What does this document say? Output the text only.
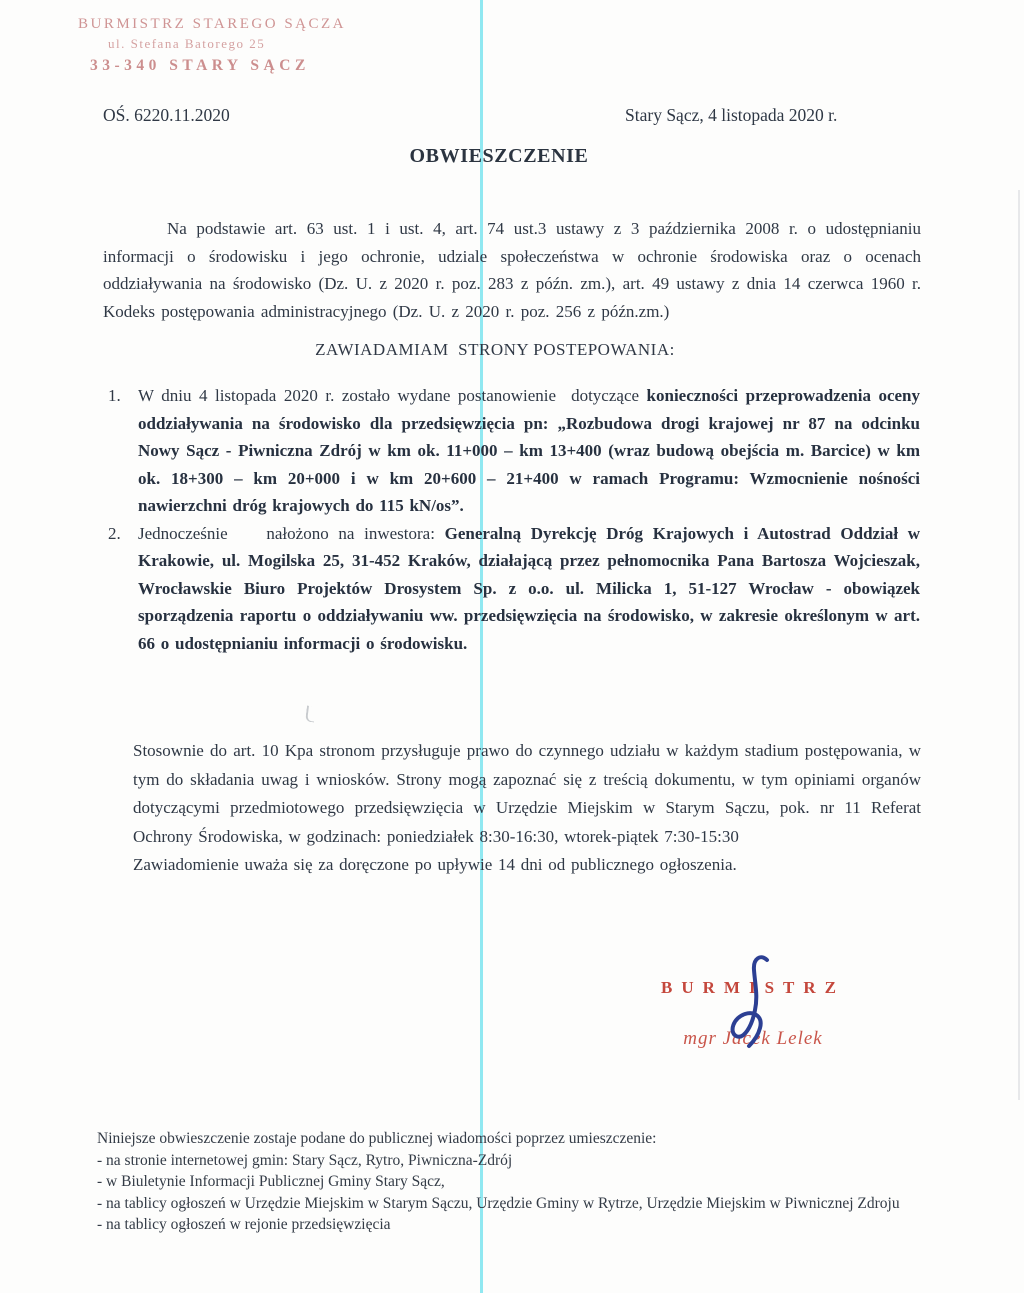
BURMISTRZ STAREGO SĄCZA
ul. Stefana Batorego 25
33-340 STARY SĄCZ
OŚ. 6220.11.2020	Stary Sącz, 4 listopada 2020 r.
OBWIESZCZENIE

Na podstawie art. 63 ust. 1 i ust. 4, art. 74 ust.3 ustawy z 3 października 2008 r. o udostępnianiu informacji o środowisku i jego ochronie, udziale społeczeństwa w ochronie środowiska oraz o ocenach oddziaływania na środowisko (Dz. U. z 2020 r. poz. 283 z późn. zm.), art. 49 ustawy z dnia 14 czerwca 1960 r. Kodeks postępowania administracyjnego (Dz. U. z 2020 r. poz. 256 z późn.zm.)

ZAWIADAMIAM  STRONY POSTEPOWANIA:
1.	W dniu 4 listopada 2020 r. zostało wydane postanowienie  dotyczące konieczności przeprowadzenia oceny oddziaływania na środowisko dla przedsięwzięcia pn: „Rozbudowa drogi krajowej nr 87 na odcinku Nowy Sącz - Piwniczna Zdrój w km ok. 11+000 – km 13+400 (wraz budową obejścia m. Barcice) w km ok. 18+300 – km 20+000 i w km 20+600 – 21+400 w ramach Programu: Wzmocnienie nośności nawierzchni dróg krajowych do 115 kN/os”.
2.	Jednocześnie    nałożono na inwestora: Generalną Dyrekcję Dróg Krajowych i Autostrad Oddział w Krakowie, ul. Mogilska 25, 31-452 Kraków, działającą przez pełnomocnika Pana Bartosza Wojcieszak, Wrocławskie Biuro Projektów Drosystem Sp. z o.o. ul. Milicka 1, 51-127 Wrocław - obowiązek sporządzenia raportu o oddziaływaniu ww. przedsięwzięcia na środowisko, w zakresie określonym w art. 66 o udostępnianiu informacji o środowisku.

Stosownie do art. 10 Kpa stronom przysługuje prawo do czynnego udziału w każdym stadium postępowania, w tym do składania uwag i wniosków. Strony mogą zapoznać się z treścią dokumentu, w tym opiniami organów dotyczącymi przedmiotowego przedsięwzięcia w Urzędzie Miejskim w Starym Sączu, pok. nr 11 Referat Ochrony Środowiska, w godzinach: poniedziałek 8:30-16:30, wtorek-piątek 7:30-15:30

Zawiadomienie uważa się za doręczone po upływie 14 dni od publicznego ogłoszenia.

BURMISTRZ
mgr Jacek Lelek

Niniejsze obwieszczenie zostaje podane do publicznej wiadomości poprzez umieszczenie:

- na stronie internetowej gmin: Stary Sącz, Rytro, Piwniczna-Zdrój

- w Biuletynie Informacji Publicznej Gminy Stary Sącz,

- na tablicy ogłoszeń w Urzędzie Miejskim w Starym Sączu, Urzędzie Gminy w Rytrze, Urzędzie Miejskim w Piwnicznej Zdroju

- na tablicy ogłoszeń w rejonie przedsięwzięcia
